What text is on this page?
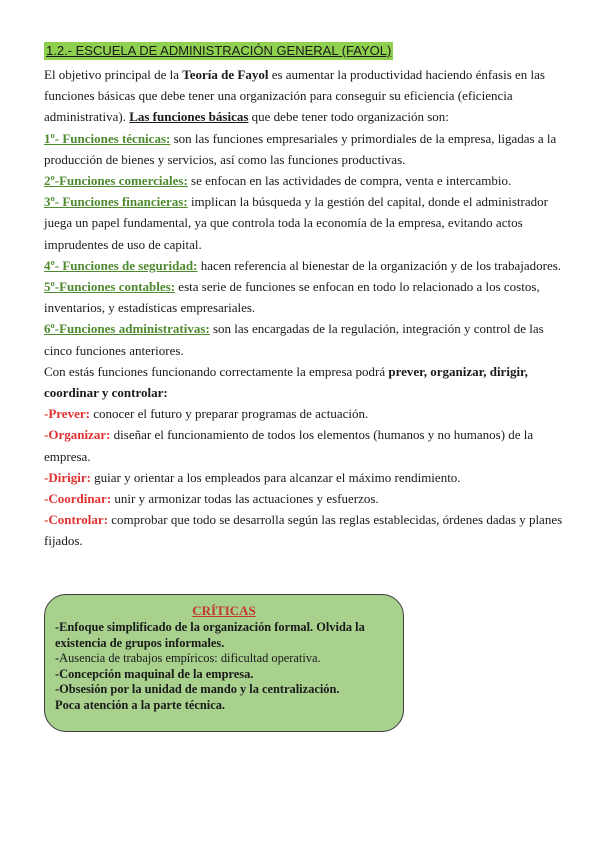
1.2.- ESCUELA DE ADMINISTRACIÓN GENERAL (FAYOL)

El objetivo principal de la Teoría de Fayol es aumentar la productividad haciendo énfasis en las funciones básicas que debe tener una organización para conseguir su eficiencia (eficiencia administrativa). Las funciones básicas que debe tener todo organización son:

1º- Funciones técnicas: son las funciones empresariales y primordiales de la empresa, ligadas a la producción de bienes y servicios, así como las funciones productivas.

2º-Funciones comerciales: se enfocan en las actividades de compra, venta e intercambio.

3º- Funciones financieras: implican la búsqueda y la gestión del capital, donde el administrador juega un papel fundamental, ya que controla toda la economía de la empresa, evitando actos imprudentes de uso de capital.

4º- Funciones de seguridad: hacen referencia al bienestar de la organización y de los trabajadores.

5º-Funciones contables: esta serie de funciones se enfocan en todo lo relacionado a los costos, inventarios, y estadísticas empresariales.

6º-Funciones administrativas: son las encargadas de la regulación, integración y control de las cinco funciones anteriores.

Con estás funciones funcionando correctamente la empresa podrá prever, organizar, dirigir, coordinar y controlar:

-Prever: conocer el futuro y preparar programas de actuación.

-Organizar: diseñar el funcionamiento de todos los elementos (humanos y no humanos) de la empresa.

-Dirigir: guiar y orientar a los empleados para alcanzar el máximo rendimiento.

-Coordinar: unir y armonizar todas las actuaciones y esfuerzos.

-Controlar: comprobar que todo se desarrolla según las reglas establecidas, órdenes dadas y planes fijados.

CRÍTICAS
-Enfoque simplificado de la organización formal. Olvida la existencia de grupos informales.
-Ausencia de trabajos empíricos: dificultad operativa.
-Concepción maquinal de la empresa.
-Obsesión por la unidad de mando y la centralización.
Poca atención a la parte técnica.
